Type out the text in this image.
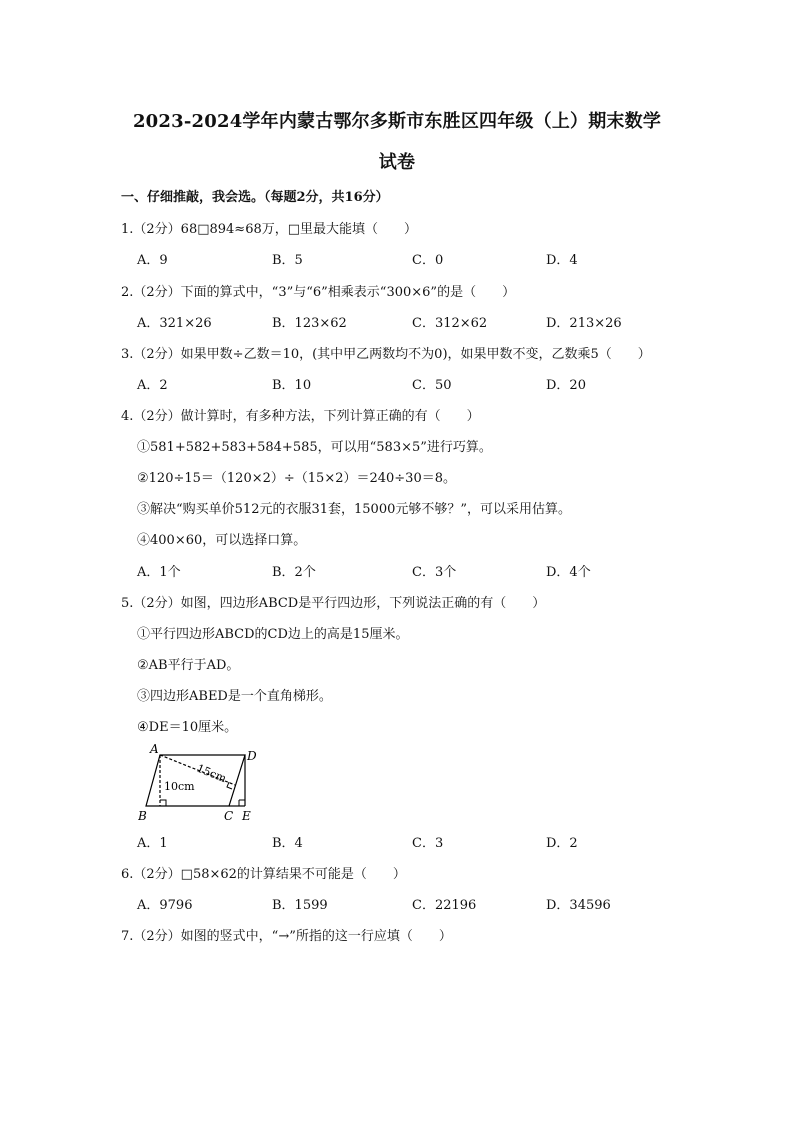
2023-2024学年内蒙古鄂尔多斯市东胜区四年级（上）期末数学
试卷
一、仔细推敲，我会选。（每题2分，共16分）
1.（2分）68□894≈68万，□里最大能填（　　）
A．9	B．5	C．0	D．4
2.（2分）下面的算式中，“3”与“6”相乘表示“300×6”的是（　　）
A．321×26	B．123×62	C．312×62	D．213×26
3.（2分）如果甲数÷乙数＝10，(其中甲乙两数均不为0)，如果甲数不变，乙数乘5（　　）
A．2	B．10	C．50	D．20
4.（2分）做计算时，有多种方法，下列计算正确的有（　　）
①581+582+583+584+585，可以用“583×5”进行巧算。
②120÷15＝（120×2）÷（15×2）＝240÷30＝8。
③解决“购买单价512元的衣服31套，15000元够不够？”，可以采用估算。
④400×60，可以选择口算。
A．1个	B．2个	C．3个	D．4个
5.（2分）如图，四边形ABCD是平行四边形，下列说法正确的有（　　）
①平行四边形ABCD的CD边上的高是15厘米。
②AB平行于AD。
③四边形ABED是一个直角梯形。
④DE＝10厘米。
A	D
B	C E
15cm
10cm
A．1	B．4	C．3	D．2
6.（2分）□58×62的计算结果不可能是（　　）
A．9796	B．1599	C．22196	D．34596
7.（2分）如图的竖式中，“→”所指的这一行应填（　　）
